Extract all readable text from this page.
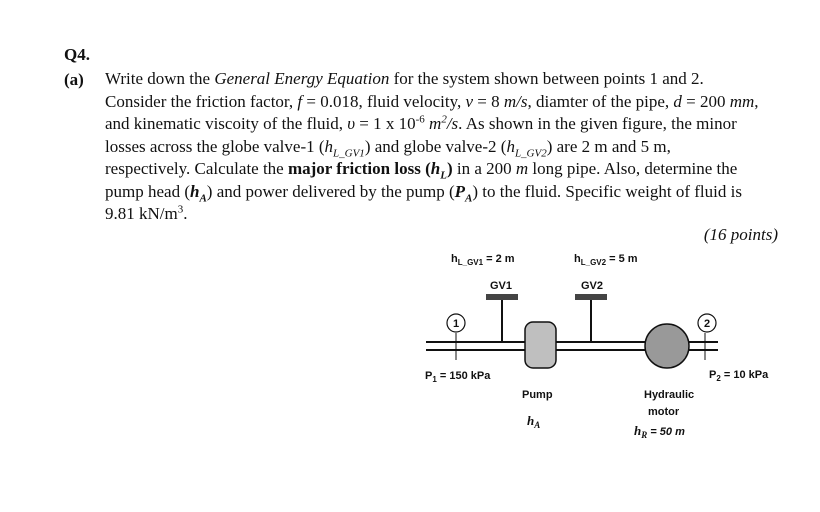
Q4.
(a) Write down the General Energy Equation for the system shown between points 1 and 2.

Consider the friction factor, f = 0.018, fluid velocity, v = 8 m/s, diamter of the pipe, d = 200 mm,

and kinematic viscoity of the fluid, υ = 1 x $10^{-6}$ $m^2/s$. As shown in the given figure, the minor

losses across the globe valve-1 $(h_{L\_GV1})$ and globe valve-2 $(h_{L\_GV2})$ are 2 m and 5 m,

respectively. Calculate the major friction loss $(h_L)$ in a 200 m long pipe. Also, determine the

pump head $(h_A)$ and power delivered by the pump $(P_A)$ to the fluid. Specific weight of fluid is

9.81 $kN/m^3$.

(16 points)
1	2
$h_{L\_GV1} = 2$ m
GV1
$h_{L\_GV2} = 5$ m
GV2
$P_1 = 150$ kPa	$P_2 = 10$ kPa
Pump
$h_A$
Hydraulic
motor
$h_R$ $^{= 50 m}$
